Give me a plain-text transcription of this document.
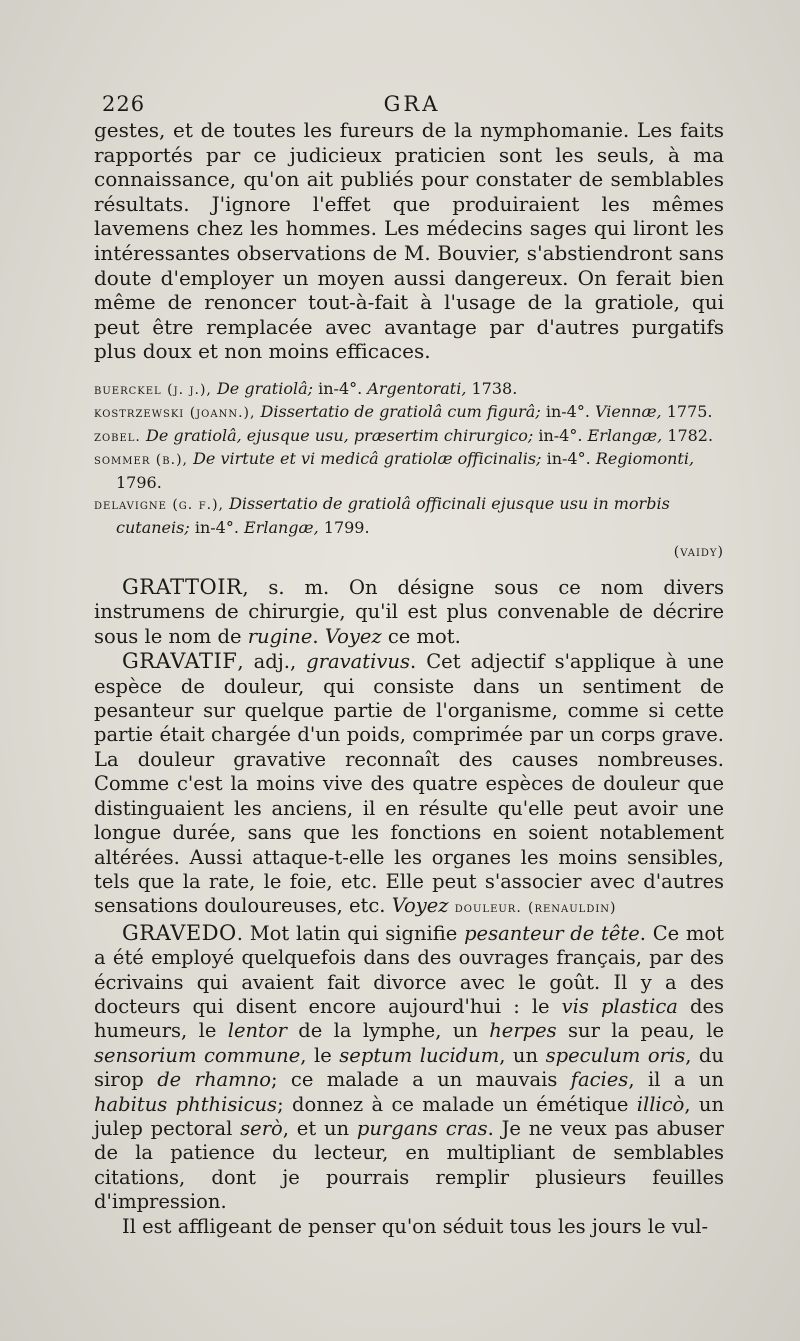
226	GRA

gestes, et de toutes les fureurs de la nymphomanie. Les faits rapportés par ce judicieux praticien sont les seuls, à ma connaissance, qu'on ait publiés pour constater de semblables résultats. J'ignore l'effet que produiraient les mêmes lavemens chez les hommes. Les médecins sages qui liront les intéressantes observations de M. Bouvier, s'abstiendront sans doute d'employer un moyen aussi dangereux. On ferait bien même de renoncer tout-à-fait à l'usage de la gratiole, qui peut être remplacée avec avantage par d'autres purgatifs plus doux et non moins efficaces.

buerckel (j. j.), De gratiolâ; in-4°. Argentorati, 1738.
kostrzewski (joann.), Dissertatio de gratiolâ cum figurâ; in-4°. Viennæ, 1775.
zobel. De gratiolâ, ejusque usu, præsertim chirurgico; in-4°. Erlangæ, 1782.
sommer (b.), De virtute et vi medicâ gratiolæ officinalis; in-4°. Regiomonti, 1796.
delavigne (g. f.), Dissertatio de gratiolâ officinali ejusque usu in morbis cutaneis; in-4°. Erlangæ, 1799.
(vaidy)

GRATTOIR, s. m. On désigne sous ce nom divers instrumens de chirurgie, qu'il est plus convenable de décrire sous le nom de rugine. Voyez ce mot.

GRAVATIF, adj., gravativus. Cet adjectif s'applique à une espèce de douleur, qui consiste dans un sentiment de pesanteur sur quelque partie de l'organisme, comme si cette partie était chargée d'un poids, comprimée par un corps grave. La douleur gravative reconnaît des causes nombreuses. Comme c'est la moins vive des quatre espèces de douleur que distinguaient les anciens, il en résulte qu'elle peut avoir une longue durée, sans que les fonctions en soient notablement altérées. Aussi attaque-t-elle les organes les moins sensibles, tels que la rate, le foie, etc. Elle peut s'associer avec d'autres sensations douloureuses, etc. Voyez douleur. (renauldin)

GRAVEDO. Mot latin qui signifie pesanteur de tête. Ce mot a été employé quelquefois dans des ouvrages français, par des écrivains qui avaient fait divorce avec le goût. Il y a des docteurs qui disent encore aujourd'hui : le vis plastica des humeurs, le lentor de la lymphe, un herpes sur la peau, le sensorium commune, le septum lucidum, un speculum oris, du sirop de rhamno; ce malade a un mauvais facies, il a un habitus phthisicus; donnez à ce malade un émétique illicò, un julep pectoral serò, et un purgans cras. Je ne veux pas abuser de la patience du lecteur, en multipliant de semblables citations, dont je pourrais remplir plusieurs feuilles d'impression.

Il est affligeant de penser qu'on séduit tous les jours le vul-
